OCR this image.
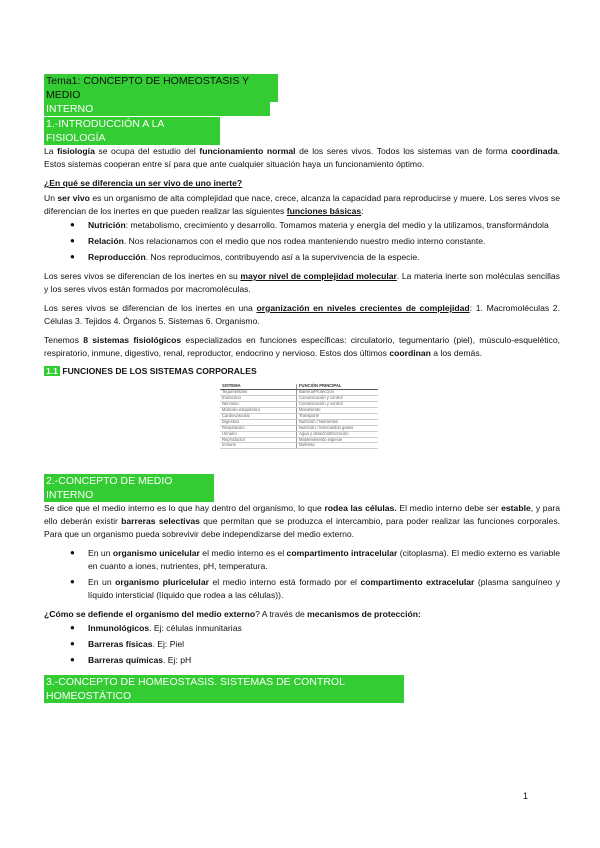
Tema1: CONCEPTO DE HOMEOSTASIS Y MEDIO
INTERNO
1.-INTRODUCCIÓN A LA FISIOLOGÍA

La fisiología se ocupa del estudio del funcionamiento normal de los seres vivos. Todos los sistemas van de forma coordinada. Estos sistemas cooperan entre sí para que ante cualquier situación haya un funcionamiento óptimo.

¿En qué se diferencia un ser vivo de uno inerte?

Un ser vivo es un organismo de alta complejidad que nace, crece, alcanza la capacidad para reproducirse y muere. Los seres vivos se diferencian de los inertes en que pueden realizar las siguientes funciones básicas:

● Nutrición: metabolismo, crecimiento y desarrollo. Tomamos materia y energía del medio y la utilizamos, transformándola
● Relación. Nos relacionamos con el medio que nos rodea manteniendo nuestro medio interno constante.
● Reproducción. Nos reproducimos, contribuyendo así a la supervivencia de la especie.

Los seres vivos se diferencian de los inertes en su mayor nivel de complejidad molecular. La materia inerte son moléculas sencillas y los seres vivos están formados por macromoléculas.

Los seres vivos se diferencian de los inertes en una organización en niveles crecientes de complejidad: 1. Macromoléculas 2. Células 3. Tejidos 4. Órganos 5. Sistemas 6. Organismo.

Tenemos 8 sistemas fisiológicos especializados en funciones específicas: circulatorio, tegumentario (piel), músculo-esquelético, respiratorio, inmune, digestivo, renal, reproductor, endocrino y nervioso. Estos dos últimos coordinan a los demás.

1.1 FUNCIONES DE LOS SISTEMAS CORPORALES
SISTEMA	FUNCIÓN PRINCIPAL
Tegumentario	Barrera/Protección
Endocrino	Comunicación y control
Nervioso	Comunicación y control
Músculo-esquelético	Movimiento
Cardiovascular	Transporte
Digestivo	Nutrición / Nutrientes
Respiratorio	Nutrición / Intercambio gases
Urinario	Agua y desecho/Excreción
Reproductor	Mantenimiento especie
Inmune	Defensa
2.-CONCEPTO DE MEDIO INTERNO

Se dice que el medio interno es lo que hay dentro del organismo, lo que rodea las células. El medio interno debe ser estable, y para ello deberán existir barreras selectivas que permitan que se produzca el intercambio, para poder realizar las funciones corporales. Para que un organismo pueda sobrevivir debe independizarse del medio externo.

● En un organismo unicelular el medio interno es el compartimento intracelular (citoplasma). El medio externo es variable en cuanto a iones, nutrientes, pH, temperatura.
● En un organismo pluricelular el medio interno está formado por el compartimento extracelular (plasma sanguíneo y líquido intersticial (líquido que rodea a las células)).

¿Cómo se defiende el organismo del medio externo? A través de mecanismos de protección:

● Inmunológicos. Ej: células inmunitarias
● Barreras físicas. Ej: Piel
● Barreras químicas. Ej: pH
3.-CONCEPTO DE HOMEOSTASIS. SISTEMAS DE CONTROL HOMEOSTÁTICO
1
